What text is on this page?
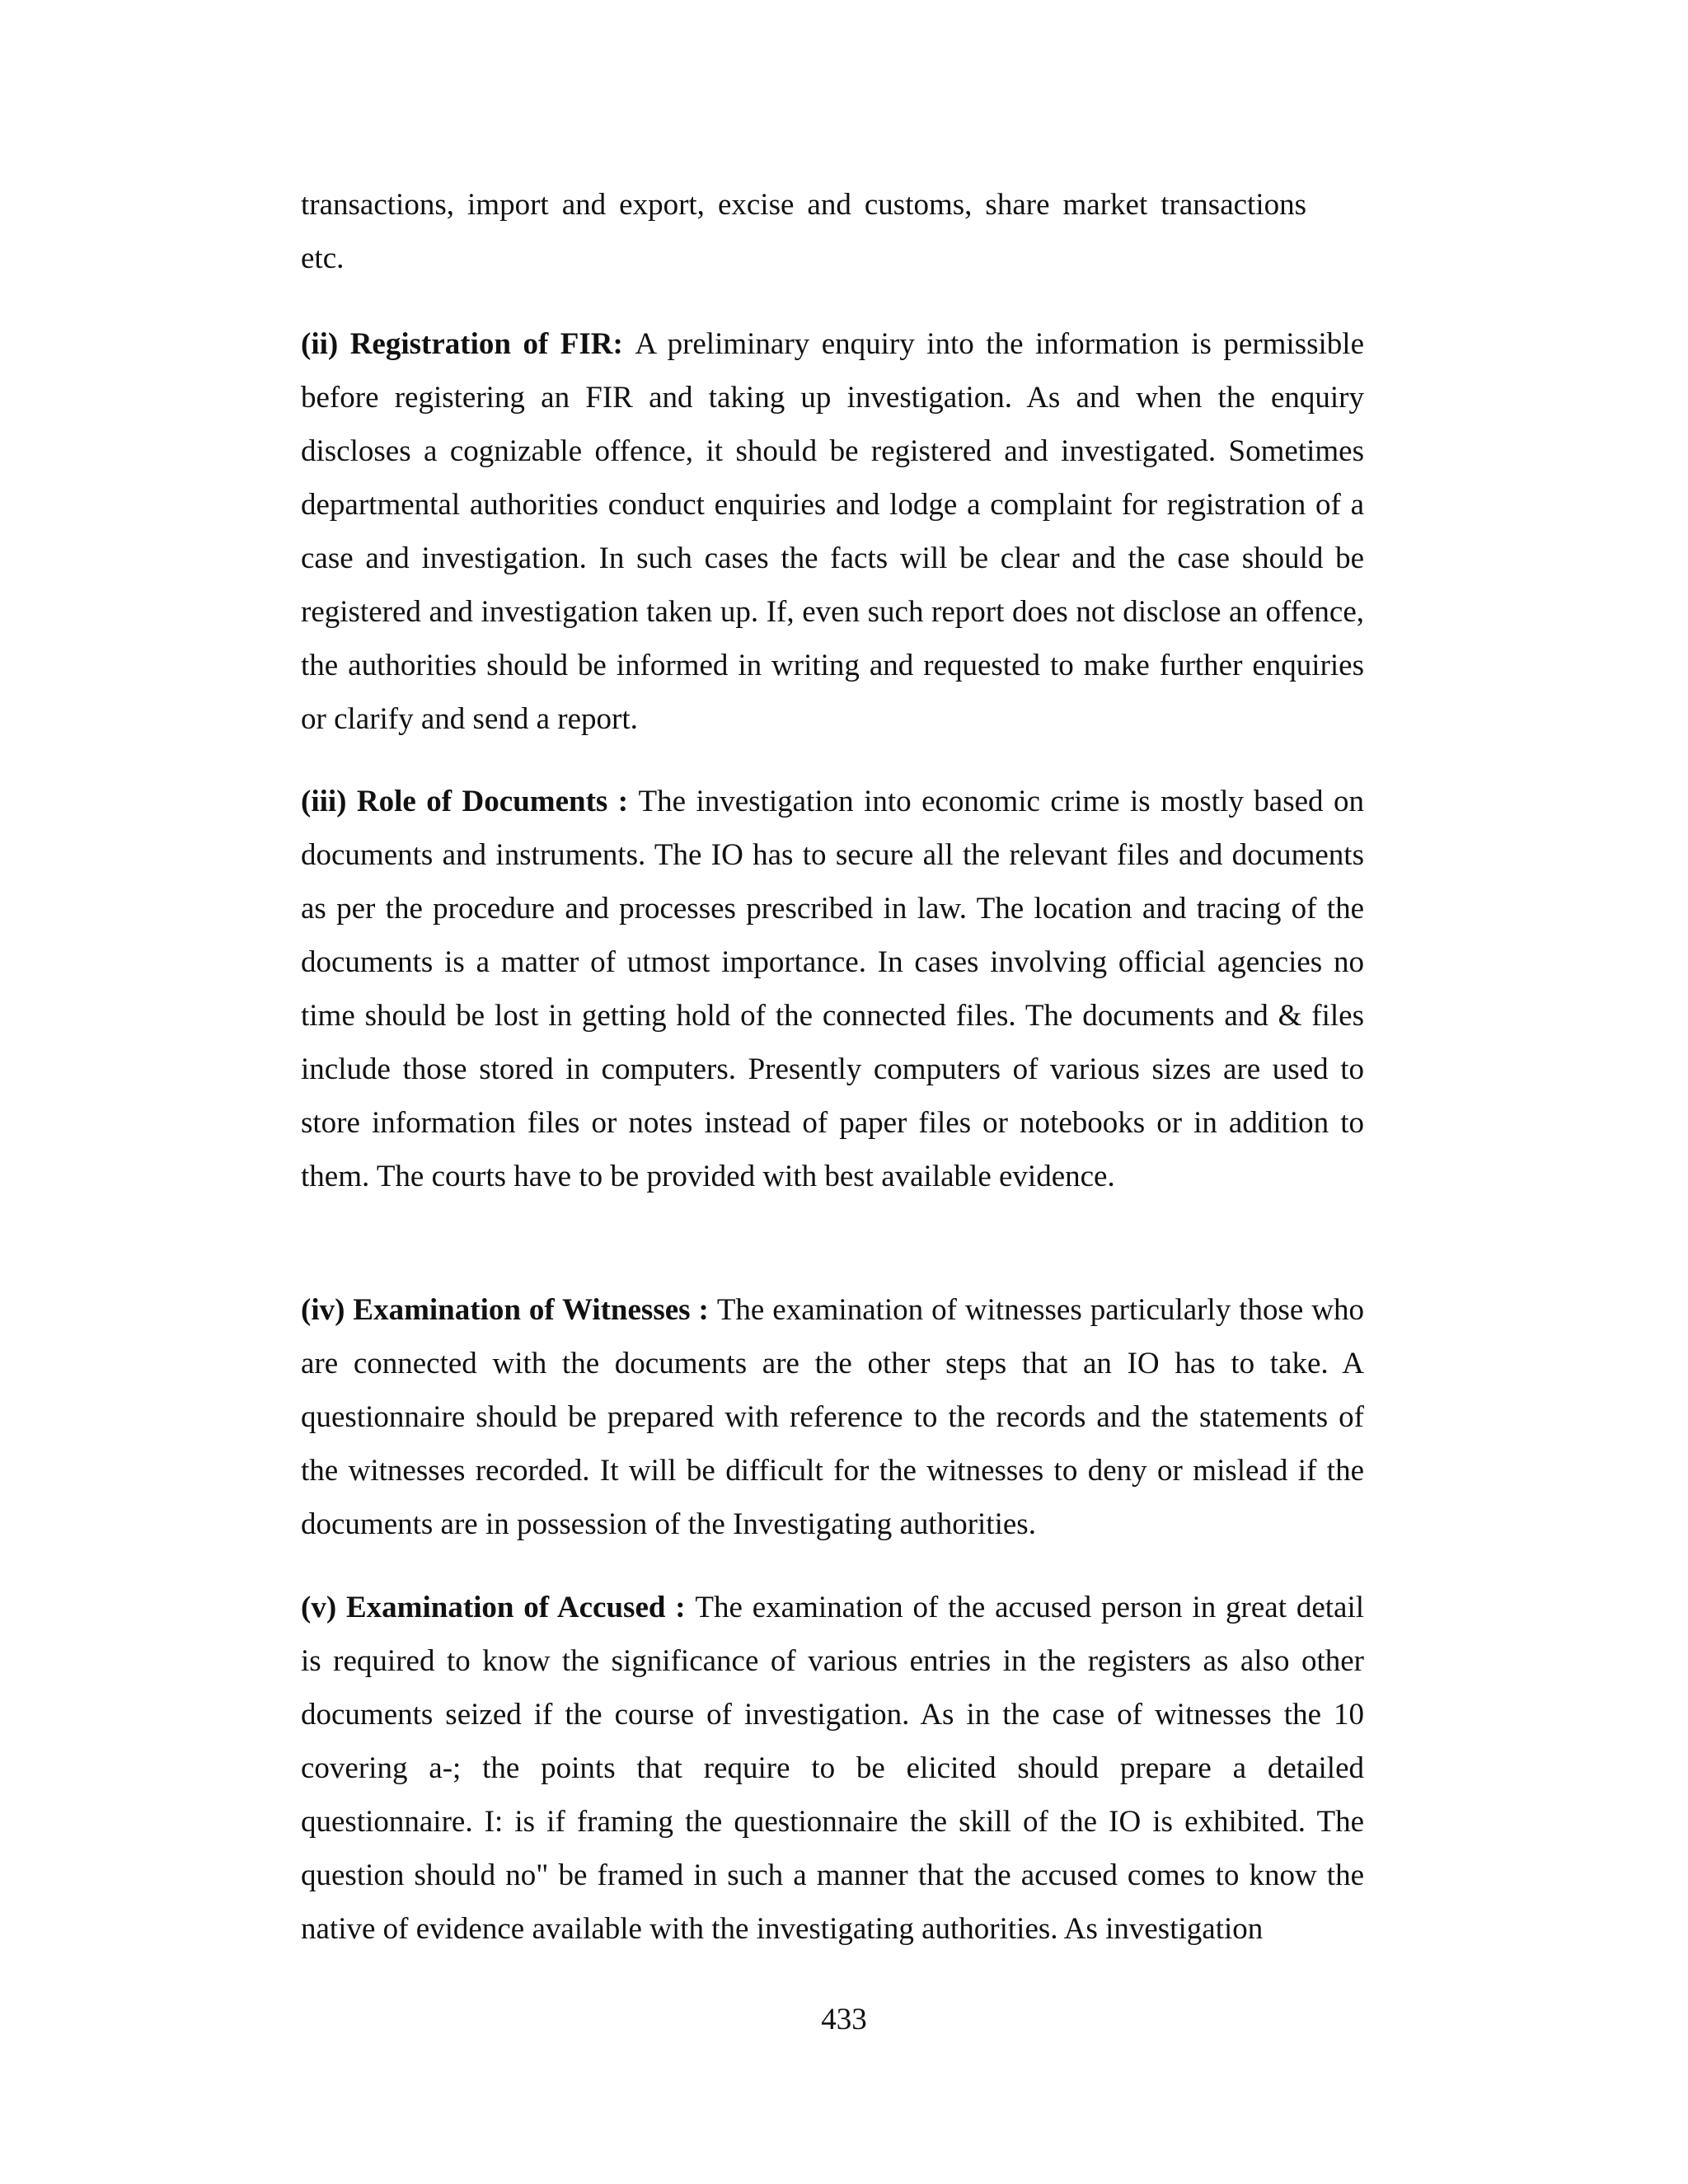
transactions, import and export, excise and customs, share market transactions etc.

(ii) Registration of FIR: A preliminary enquiry into the information is permissible before registering an FIR and taking up investigation. As and when the enquiry discloses a cognizable offence, it should be registered and investigated. Sometimes departmental authorities conduct enquiries and lodge a complaint for registration of a case and investigation. In such cases the facts will be clear and the case should be registered and investigation taken up. If, even such report does not disclose an offence, the authorities should be informed in writing and requested to make further enquiries or clarify and send a report.

(iii) Role of Documents : The investigation into economic crime is mostly based on documents and instruments. The IO has to secure all the relevant files and documents as per the procedure and processes prescribed in law. The location and tracing of the documents is a matter of utmost importance. In cases involving official agencies no time should be lost in getting hold of the connected files. The documents and & files include those stored in computers. Presently computers of various sizes are used to store information files or notes instead of paper files or notebooks or in addition to them. The courts have to be provided with best available evidence.

(iv) Examination of Witnesses : The examination of witnesses particularly those who are connected with the documents are the other steps that an IO has to take. A questionnaire should be prepared with reference to the records and the statements of the witnesses recorded. It will be difficult for the witnesses to deny or mislead if the documents are in possession of the Investigating authorities.

(v) Examination of Accused : The examination of the accused person in great detail is required to know the significance of various entries in the registers as also other documents seized if the course of investigation. As in the case of witnesses the 10 covering a-; the points that require to be elicited should prepare a detailed questionnaire. I: is if framing the questionnaire the skill of the IO is exhibited. The question should no" be framed in such a manner that the accused comes to know the native of evidence available with the investigating authorities. As investigation

433
